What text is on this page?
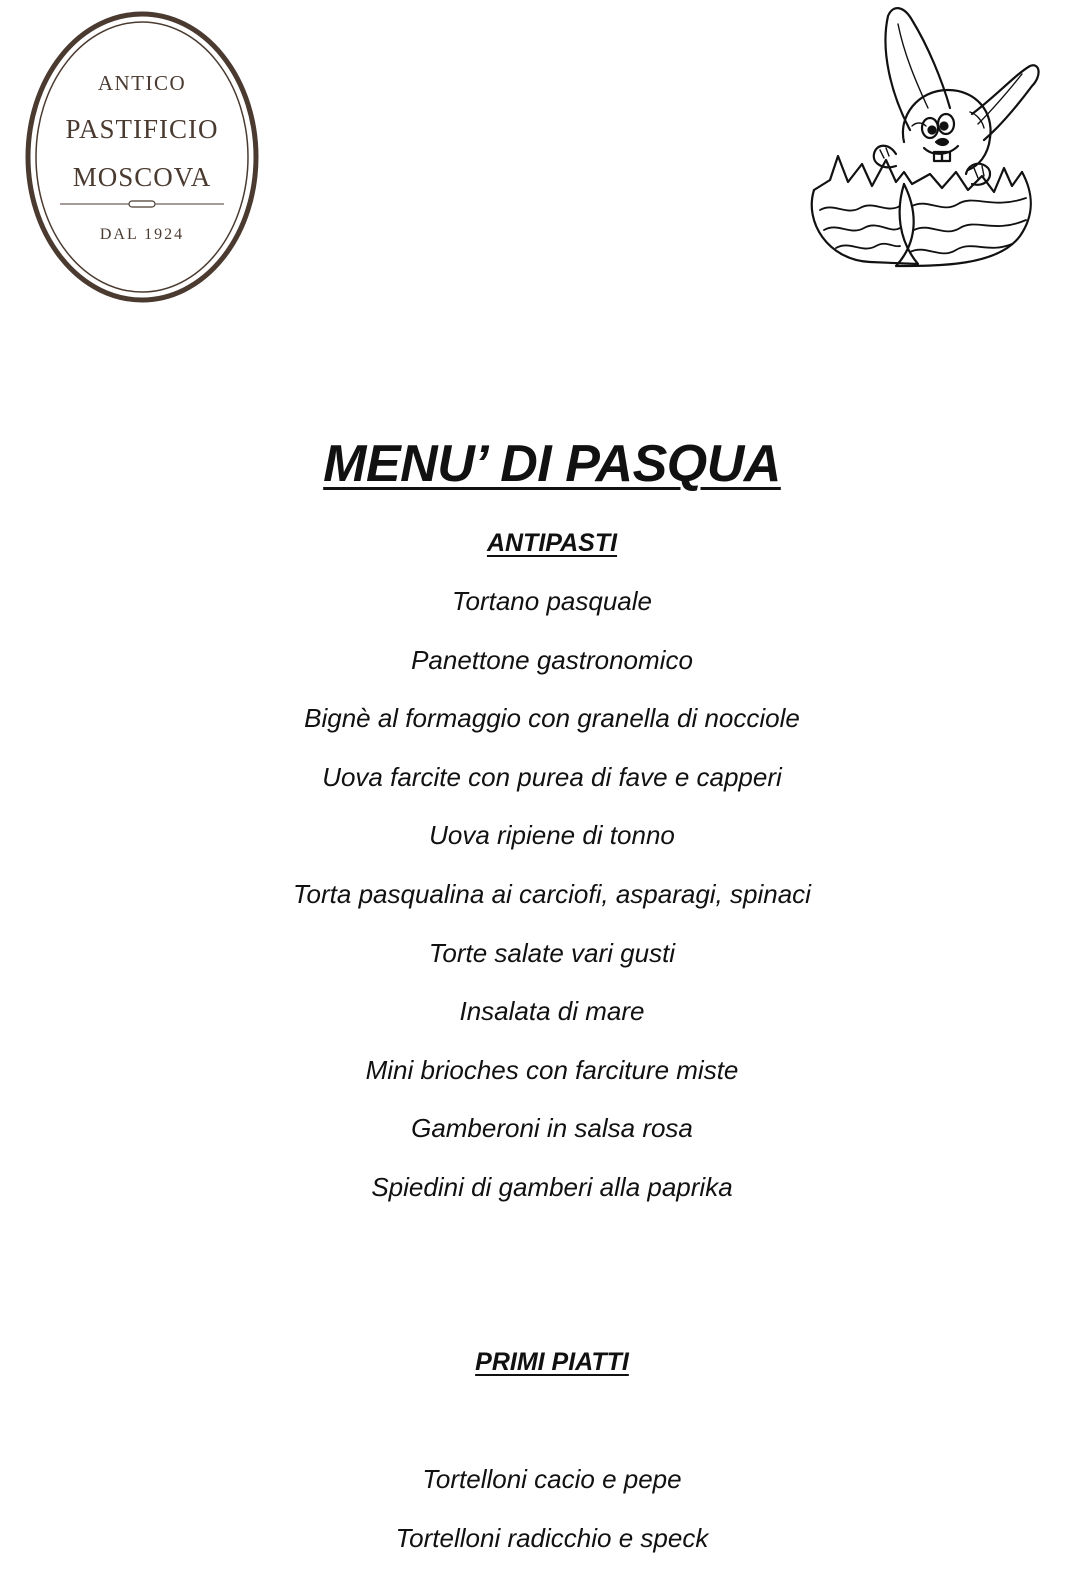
ANTICO
PASTIFICIO
MOSCOVA
DAL 1924
MENU’ DI PASQUA
ANTIPASTI
Tortano pasquale
Panettone gastronomico
Bignè al formaggio con granella di nocciole
Uova farcite con purea di fave e capperi
Uova ripiene di tonno
Torta pasqualina ai carciofi, asparagi, spinaci
Torte salate vari gusti
Insalata di mare
Mini brioches con farciture miste
Gamberoni in salsa rosa
Spiedini di gamberi alla paprika
PRIMI PIATTI
Tortelloni cacio e pepe
Tortelloni radicchio e speck
